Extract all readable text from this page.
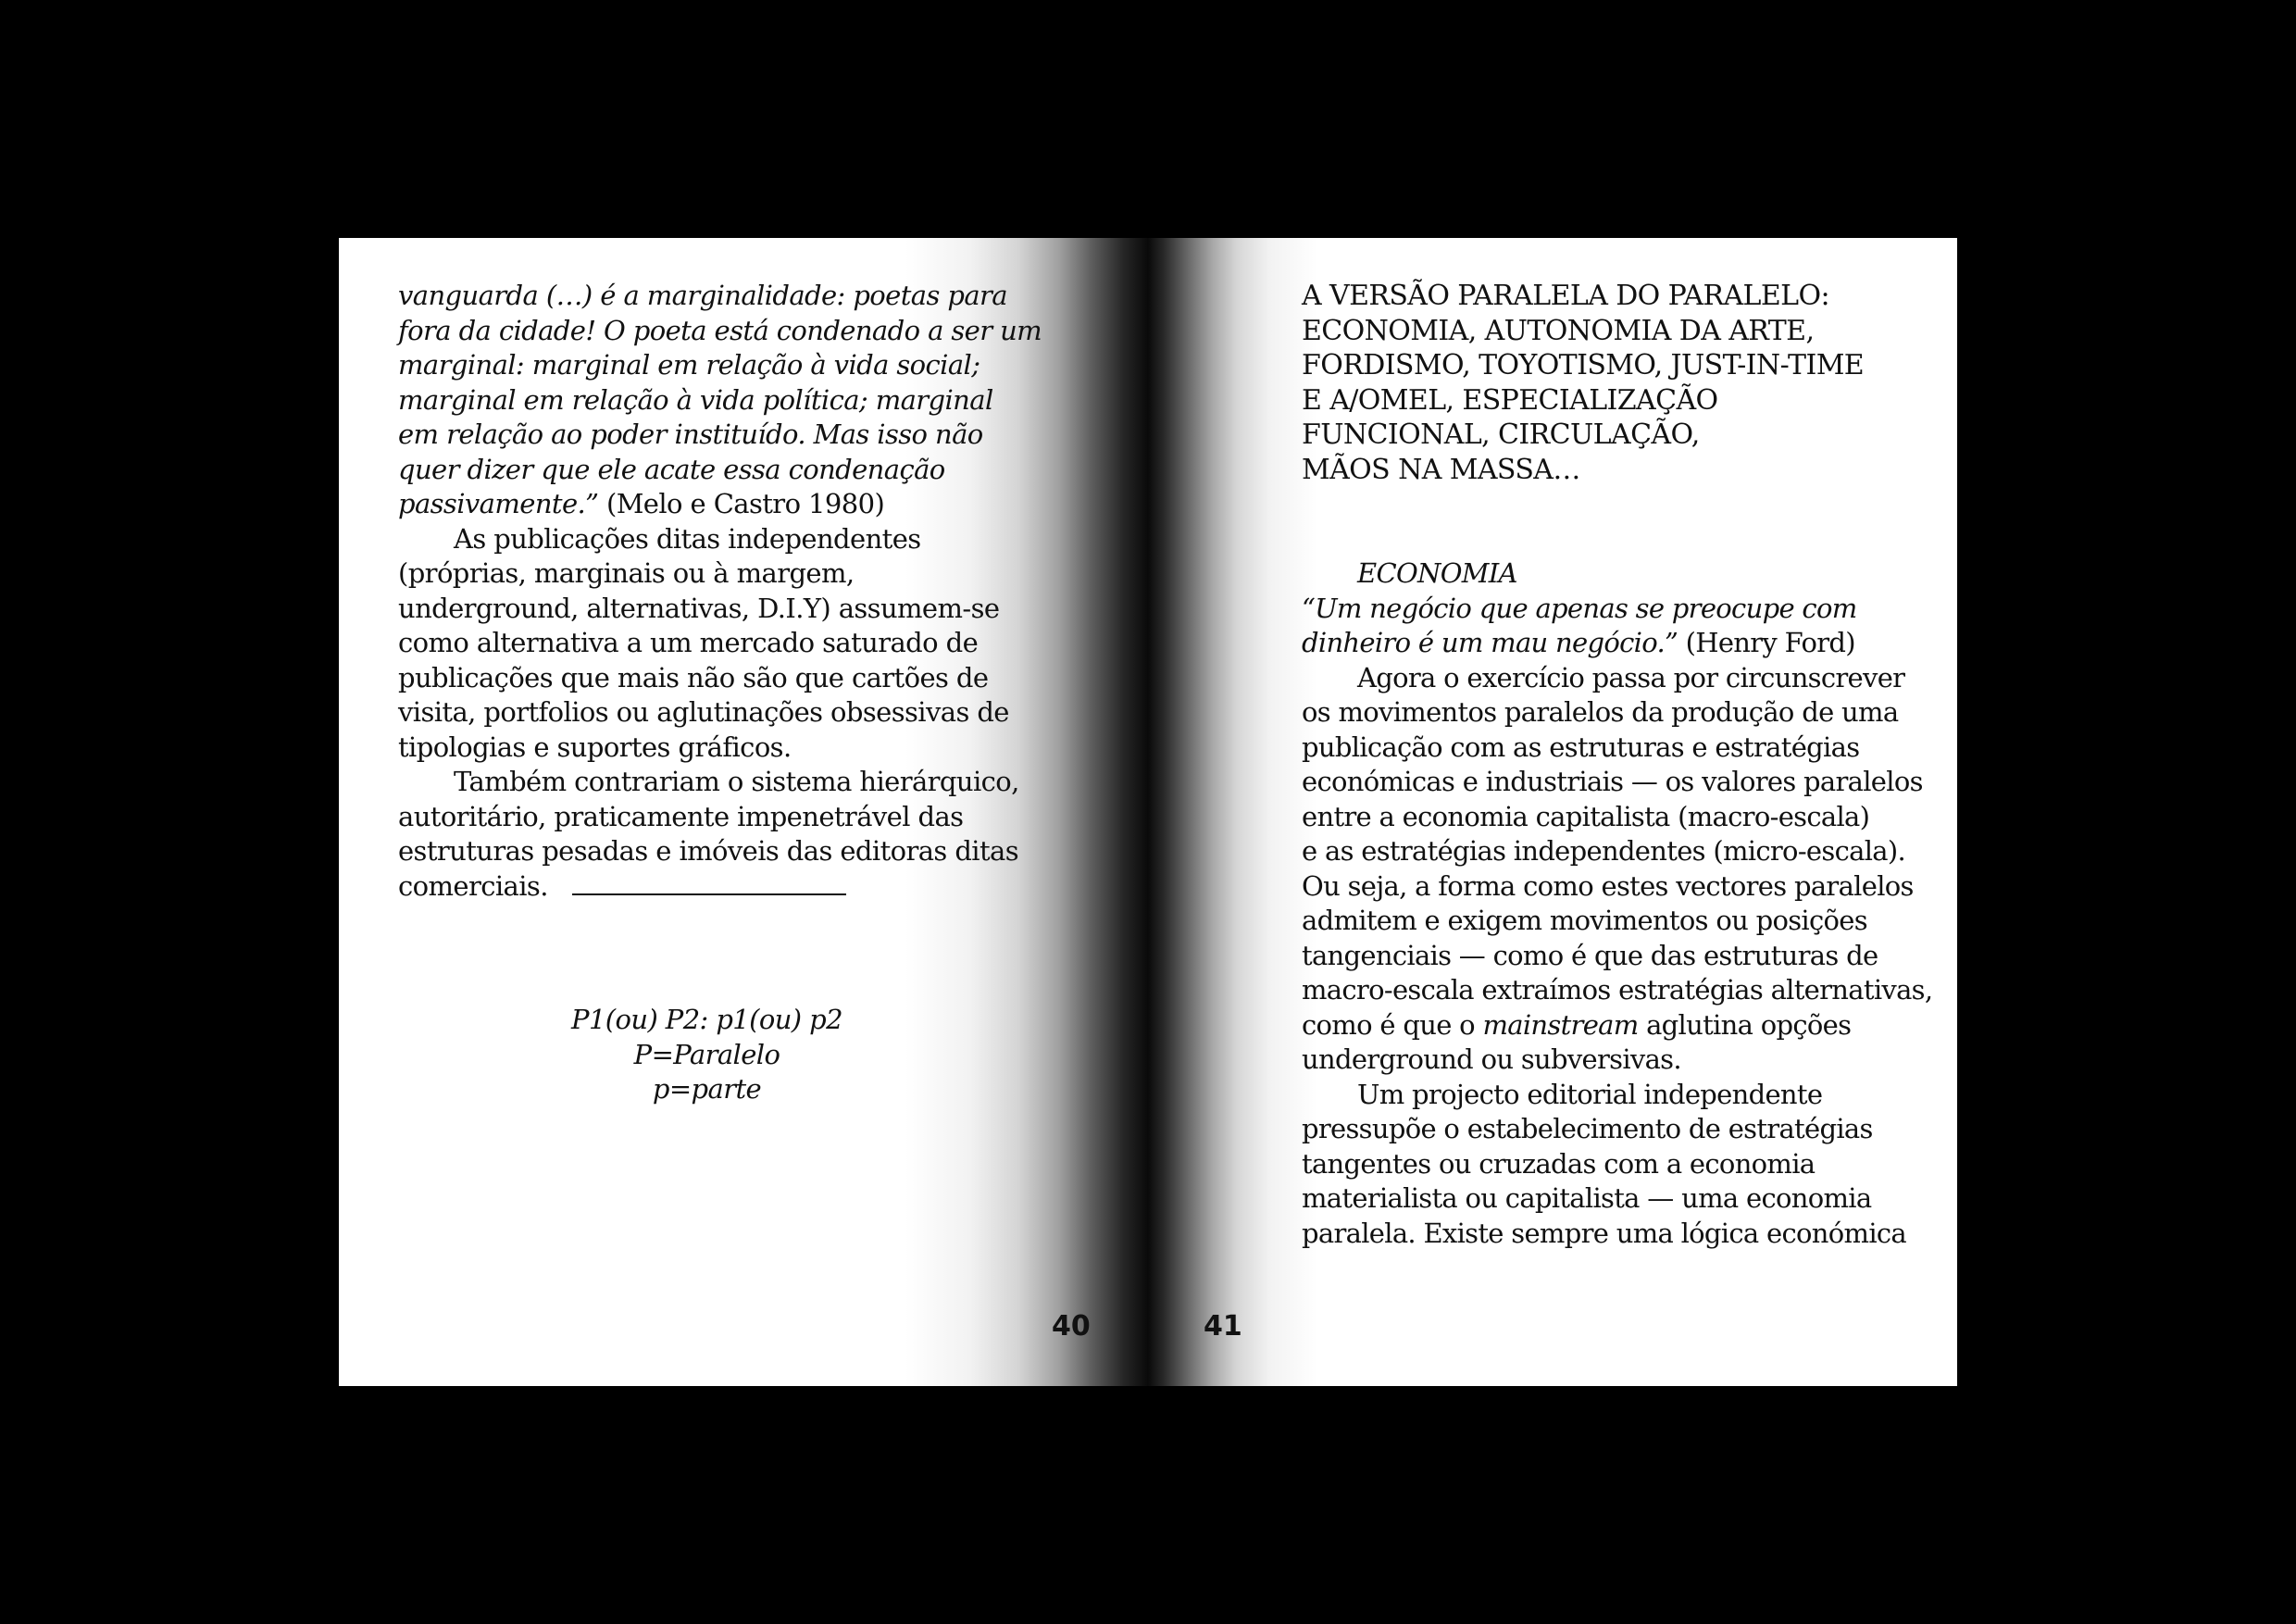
vanguarda (…) é a marginalidade: poetas para
fora da cidade! O poeta está condenado a ser um
marginal: marginal em relação à vida social;
marginal em relação à vida política; marginal
em relação ao poder instituído. Mas isso não
quer dizer que ele acate essa condenação
passivamente.” (Melo e Castro 1980)
As publicações ditas independentes
(próprias, marginais ou à margem,
underground, alternativas, D.I.Y) assumem-se
como alternativa a um mercado saturado de
publicações que mais não são que cartões de
visita, portfolios ou aglutinações obsessivas de
tipologias e suportes gráficos.
Também contrariam o sistema hierárquico,
autoritário, praticamente impenetrável das
estruturas pesadas e imóveis das editoras ditas
comerciais.
P1(ou) P2: p1(ou) p2
P=Paralelo
p=parte
40
A VERSÃO PARALELA DO PARALELO:
ECONOMIA, AUTONOMIA DA ARTE,
FORDISMO, TOYOTISMO, JUST-IN-TIME
E A/OMEL, ESPECIALIZAÇÃO
FUNCIONAL, CIRCULAÇÃO,
MÃOS NA MASSA…
ECONOMIA
“Um negócio que apenas se preocupe com
dinheiro é um mau negócio.” (Henry Ford)
Agora o exercício passa por circunscrever
os movimentos paralelos da produção de uma
publicação com as estruturas e estratégias
económicas e industriais — os valores paralelos
entre a economia capitalista (macro-escala)
e as estratégias independentes (micro-escala).
Ou seja, a forma como estes vectores paralelos
admitem e exigem movimentos ou posições
tangenciais — como é que das estruturas de
macro-escala extraímos estratégias alternativas,
como é que o mainstream aglutina opções
underground ou subversivas.
Um projecto editorial independente
pressupõe o estabelecimento de estratégias
tangentes ou cruzadas com a economia
materialista ou capitalista — uma economia
paralela. Existe sempre uma lógica económica
41
